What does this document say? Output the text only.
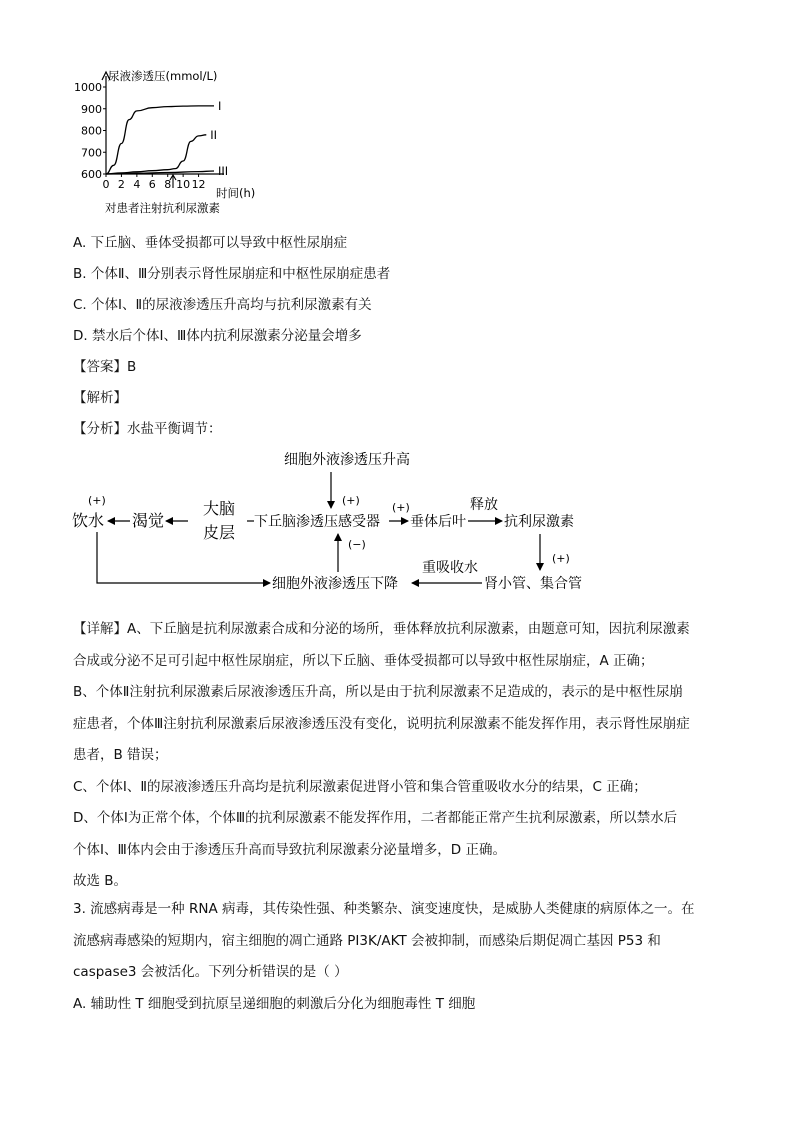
尿液渗透压(mmol/L)
时间(h)
对患者注射抗利尿激素
600
700
800
900
1000
0 2 4 6 8 10 12
I
II
III
A. 下丘脑、垂体受损都可以导致中枢性尿崩症
B. 个体Ⅱ、Ⅲ分别表示肾性尿崩症和中枢性尿崩症患者
C. 个体Ⅰ、Ⅱ的尿液渗透压升高均与抗利尿激素有关
D. 禁水后个体Ⅰ、Ⅲ体内抗利尿激素分泌量会增多
【答案】B
【解析】
【分析】水盐平衡调节：
细胞外液渗透压升高
饮水 渴觉
大脑
皮层
下丘脑渗透压感受器 垂体后叶
释放
抗利尿激素
细胞外液渗透压下降
重吸收水
肾小管、集合管
(+)	(+)
(+)
(−)
(+)
【详解】A、下丘脑是抗利尿激素合成和分泌的场所，垂体释放抗利尿激素，由题意可知，因抗利尿激素
合成或分泌不足可引起中枢性尿崩症，所以下丘脑、垂体受损都可以导致中枢性尿崩症，A 正确；
B、个体Ⅱ注射抗利尿激素后尿液渗透压升高，所以是由于抗利尿激素不足造成的，表示的是中枢性尿崩
症患者，个体Ⅲ注射抗利尿激素后尿液渗透压没有变化，说明抗利尿激素不能发挥作用，表示肾性尿崩症
患者，B 错误；
C、个体Ⅰ、Ⅱ的尿液渗透压升高均是抗利尿激素促进肾小管和集合管重吸收水分的结果，C 正确；
D、个体Ⅰ为正常个体，个体Ⅲ的抗利尿激素不能发挥作用，二者都能正常产生抗利尿激素，所以禁水后
个体Ⅰ、Ⅲ体内会由于渗透压升高而导致抗利尿激素分泌量增多，D 正确。
故选 B。
3. 流感病毒是一种 RNA 病毒，其传染性强、种类繁杂、演变速度快，是威胁人类健康的病原体之一。在
流感病毒感染的短期内，宿主细胞的凋亡通路 PI3K/AKT 会被抑制，而感染后期促凋亡基因 P53 和
caspase3 会被活化。下列分析错误的是（ ）
A. 辅助性 T 细胞受到抗原呈递细胞的刺激后分化为细胞毒性 T 细胞
